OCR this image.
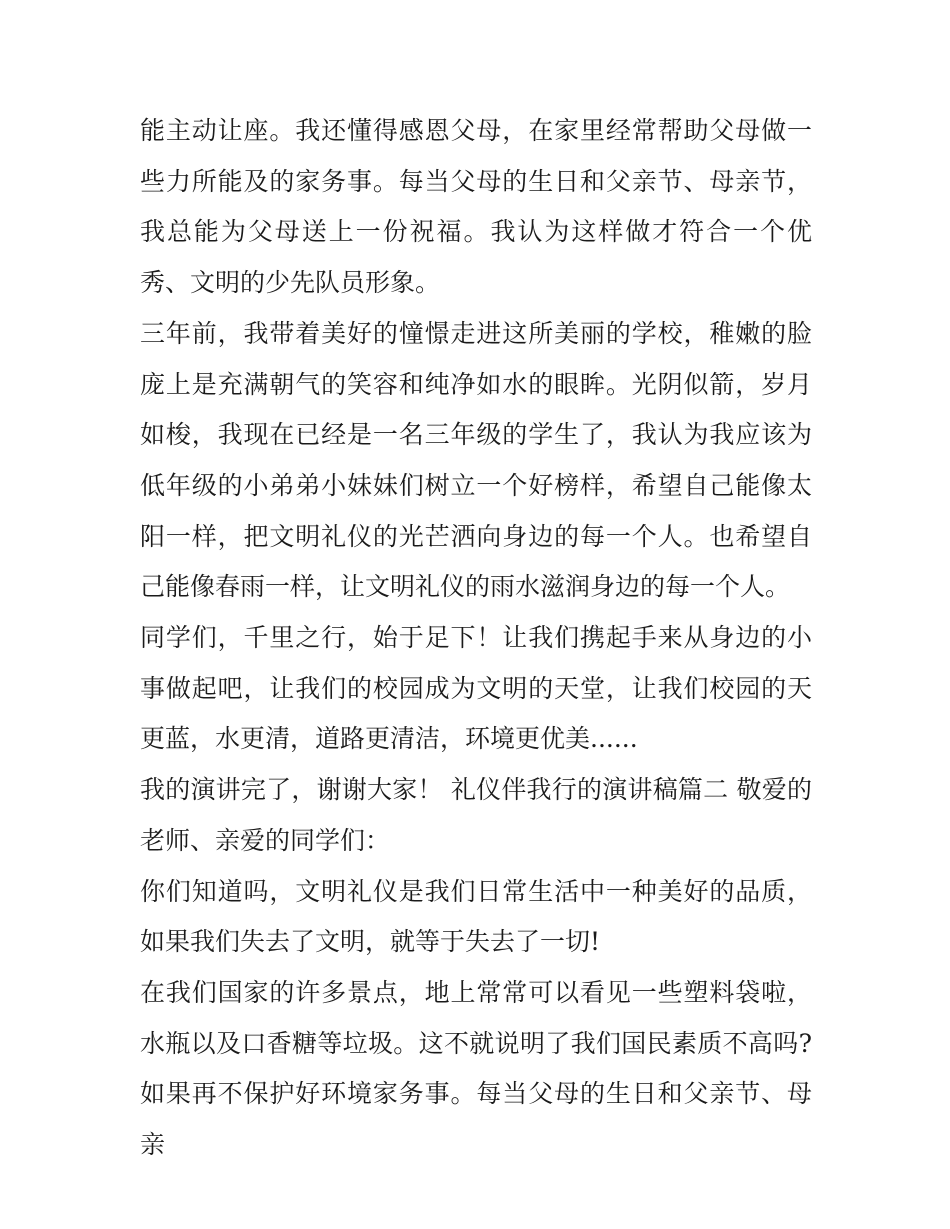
能主动让座。我还懂得感恩父母，在家里经常帮助父母做一些力所能及的家务事。每当父母的生日和父亲节、母亲节，我总能为父母送上一份祝福。我认为这样做才符合一个优秀、文明的少先队员形象。

三年前，我带着美好的憧憬走进这所美丽的学校，稚嫩的脸庞上是充满朝气的笑容和纯净如水的眼眸。光阴似箭，岁月如梭，我现在已经是一名三年级的学生了，我认为我应该为低年级的小弟弟小妹妹们树立一个好榜样，希望自己能像太阳一样，把文明礼仪的光芒洒向身边的每一个人。也希望自己能像春雨一样，让文明礼仪的雨水滋润身边的每一个人。

同学们，千里之行，始于足下！让我们携起手来从身边的小事做起吧，让我们的校园成为文明的天堂，让我们校园的天更蓝，水更清，道路更清洁，环境更优美......

我的演讲完了，谢谢大家！ 礼仪伴我行的演讲稿篇二 敬爱的老师、亲爱的同学们：

你们知道吗，文明礼仪是我们日常生活中一种美好的品质，如果我们失去了文明，就等于失去了一切!

在我们国家的许多景点，地上常常可以看见一些塑料袋啦，水瓶以及口香糖等垃圾。这不就说明了我们国民素质不高吗?如果再不保护好环境家务事。每当父母的生日和父亲节、母亲
